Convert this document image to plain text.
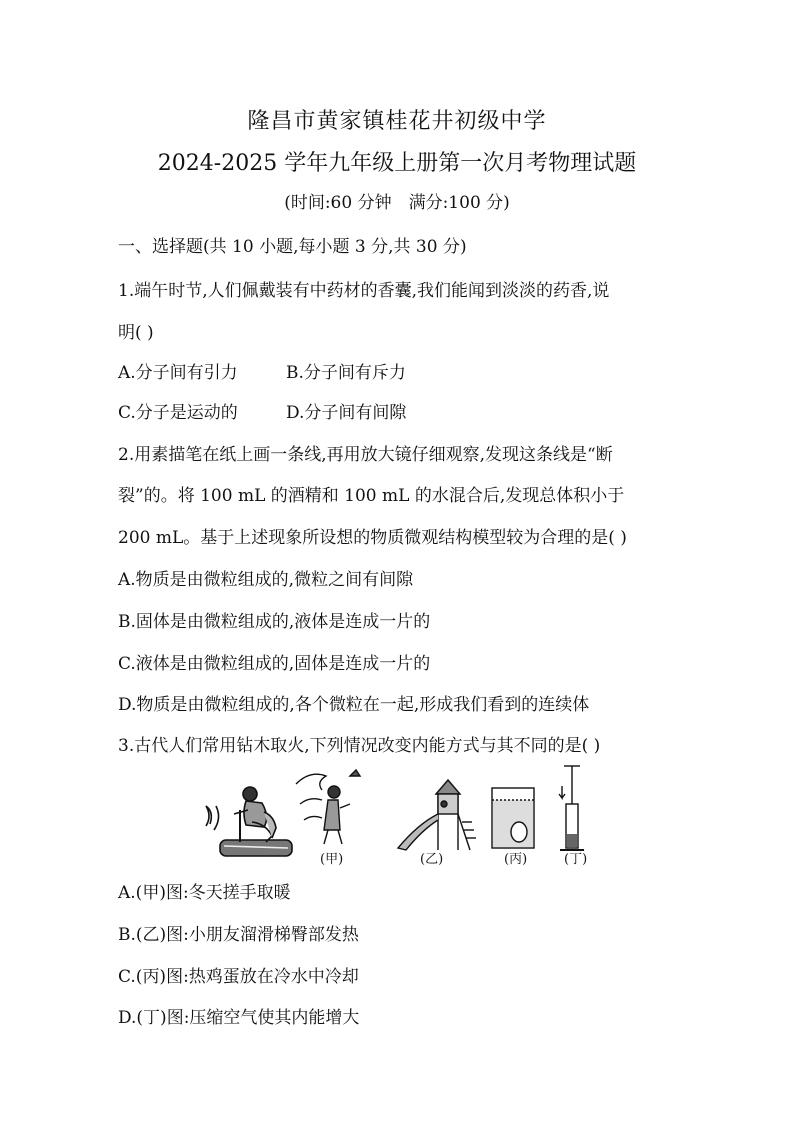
隆昌市黄家镇桂花井初级中学
2024-2025 学年九年级上册第一次月考物理试题
(时间:60 分钟　满分:100 分)
一、选择题(共 10 小题,每小题 3 分,共 30 分)
1.端午时节,人们佩戴装有中药材的香囊,我们能闻到淡淡的药香,说
明( )
A.分子间有引力	B.分子间有斥力
C.分子是运动的	D.分子间有间隙
2.用素描笔在纸上画一条线,再用放大镜仔细观察,发现这条线是“断
裂”的。将 100 mL 的酒精和 100 mL 的水混合后,发现总体积小于
200 mL。基于上述现象所设想的物质微观结构模型较为合理的是( )
A.物质是由微粒组成的,微粒之间有间隙
B.固体是由微粒组成的,液体是连成一片的
C.液体是由微粒组成的,固体是连成一片的
D.物质是由微粒组成的,各个微粒在一起,形成我们看到的连续体
3.古代人们常用钻木取火,下列情况改变内能方式与其不同的是( )
(甲)	(乙)	(丙)	(丁)
A.(甲)图:冬天搓手取暖
B.(乙)图:小朋友溜滑梯臀部发热
C.(丙)图:热鸡蛋放在冷水中冷却
D.(丁)图:压缩空气使其内能增大
